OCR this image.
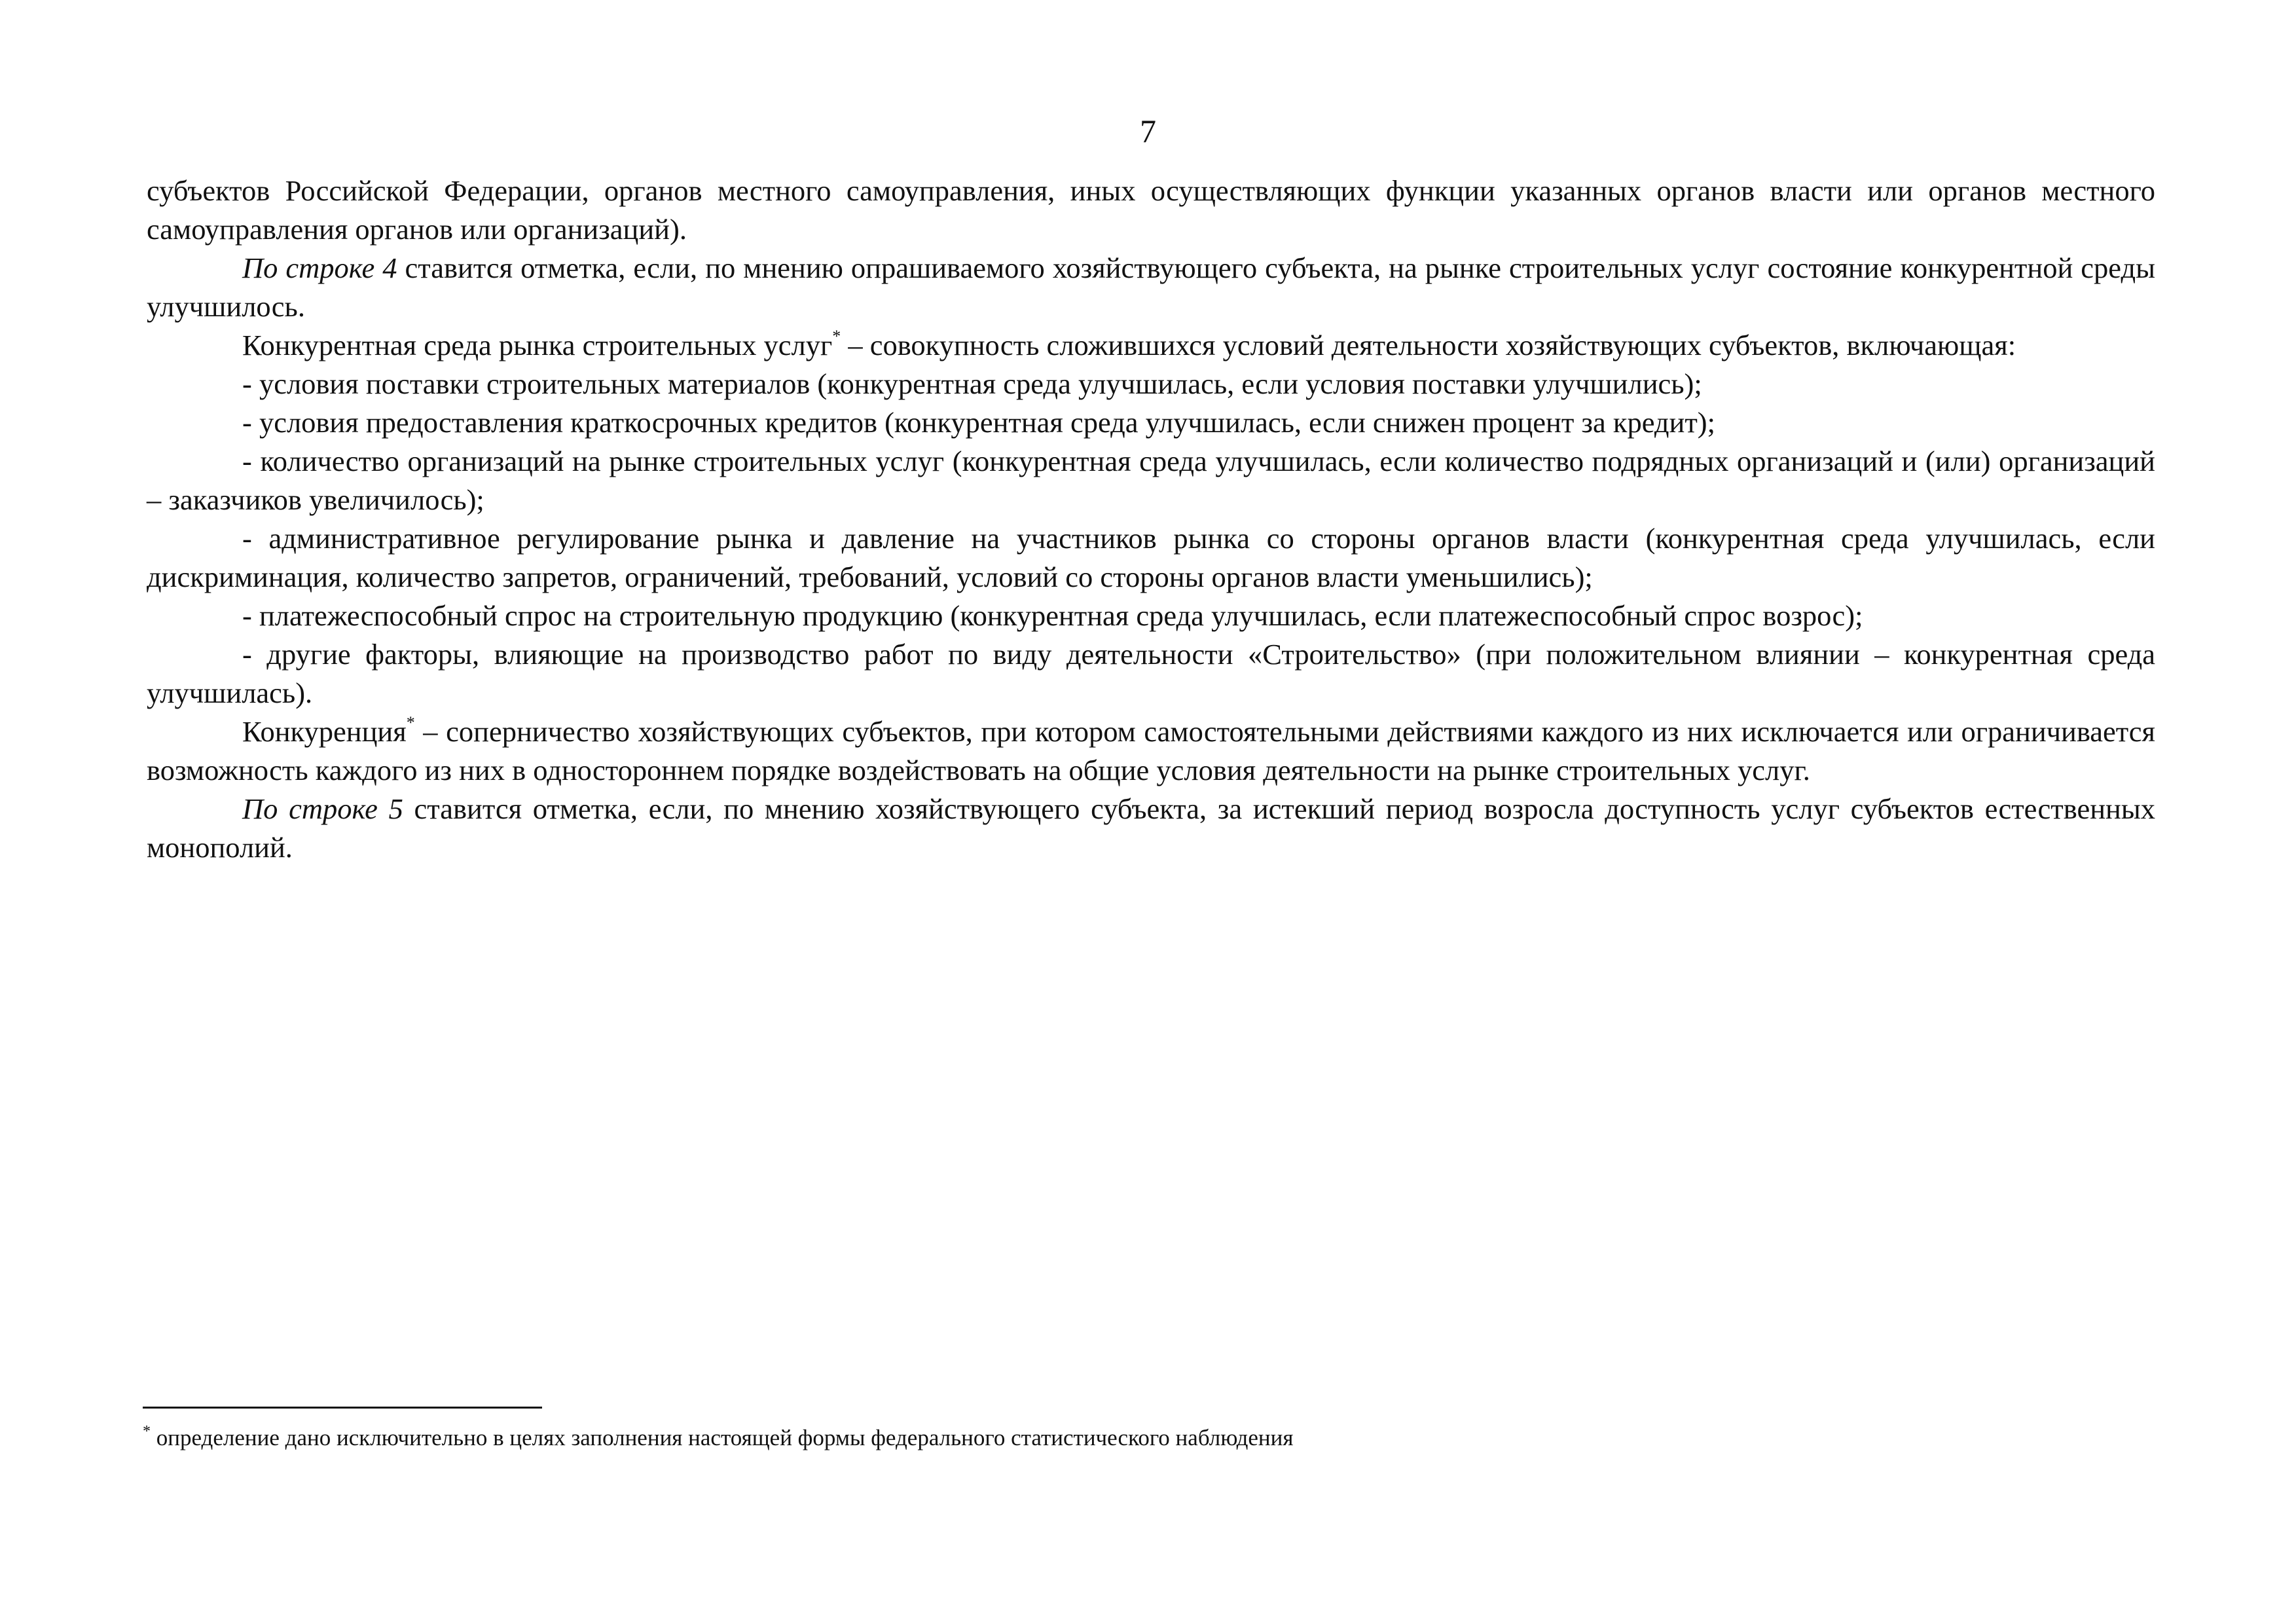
7

субъектов Российской Федерации, органов местного самоуправления, иных осуществляющих функции указанных органов власти или органов местного самоуправления органов или организаций).

По строке 4 ставится отметка, если, по мнению опрашиваемого хозяйствующего субъекта, на рынке строительных услуг состояние конкурентной среды улучшилось.

Конкурентная среда рынка строительных услуг* – совокупность сложившихся условий деятельности хозяйствующих субъектов, включающая:

- условия поставки строительных материалов (конкурентная среда улучшилась, если условия поставки улучшились);

- условия предоставления краткосрочных кредитов (конкурентная среда улучшилась, если снижен процент за кредит);

- количество организаций на рынке строительных услуг (конкурентная среда улучшилась, если количество подрядных организаций и (или) организаций – заказчиков увеличилось);

- административное регулирование рынка и давление на участников рынка со стороны органов власти (конкурентная среда улучшилась, если дискриминация, количество запретов, ограничений, требований, условий со стороны органов власти уменьшились);

- платежеспособный спрос на строительную продукцию (конкурентная среда улучшилась, если платежеспособный спрос возрос);

- другие факторы, влияющие на производство работ по виду деятельности «Строительство» (при положительном влиянии – конкурентная среда улучшилась).

Конкуренция* – соперничество хозяйствующих субъектов, при котором самостоятельными действиями каждого из них исключается или ограничивается возможность каждого из них в одностороннем порядке воздействовать на общие условия деятельности на рынке строительных услуг.

По строке 5 ставится отметка, если, по мнению хозяйствующего субъекта, за истекший период возросла доступность услуг субъектов естественных монополий.

* определение дано исключительно в целях заполнения настоящей формы федерального статистического наблюдения
